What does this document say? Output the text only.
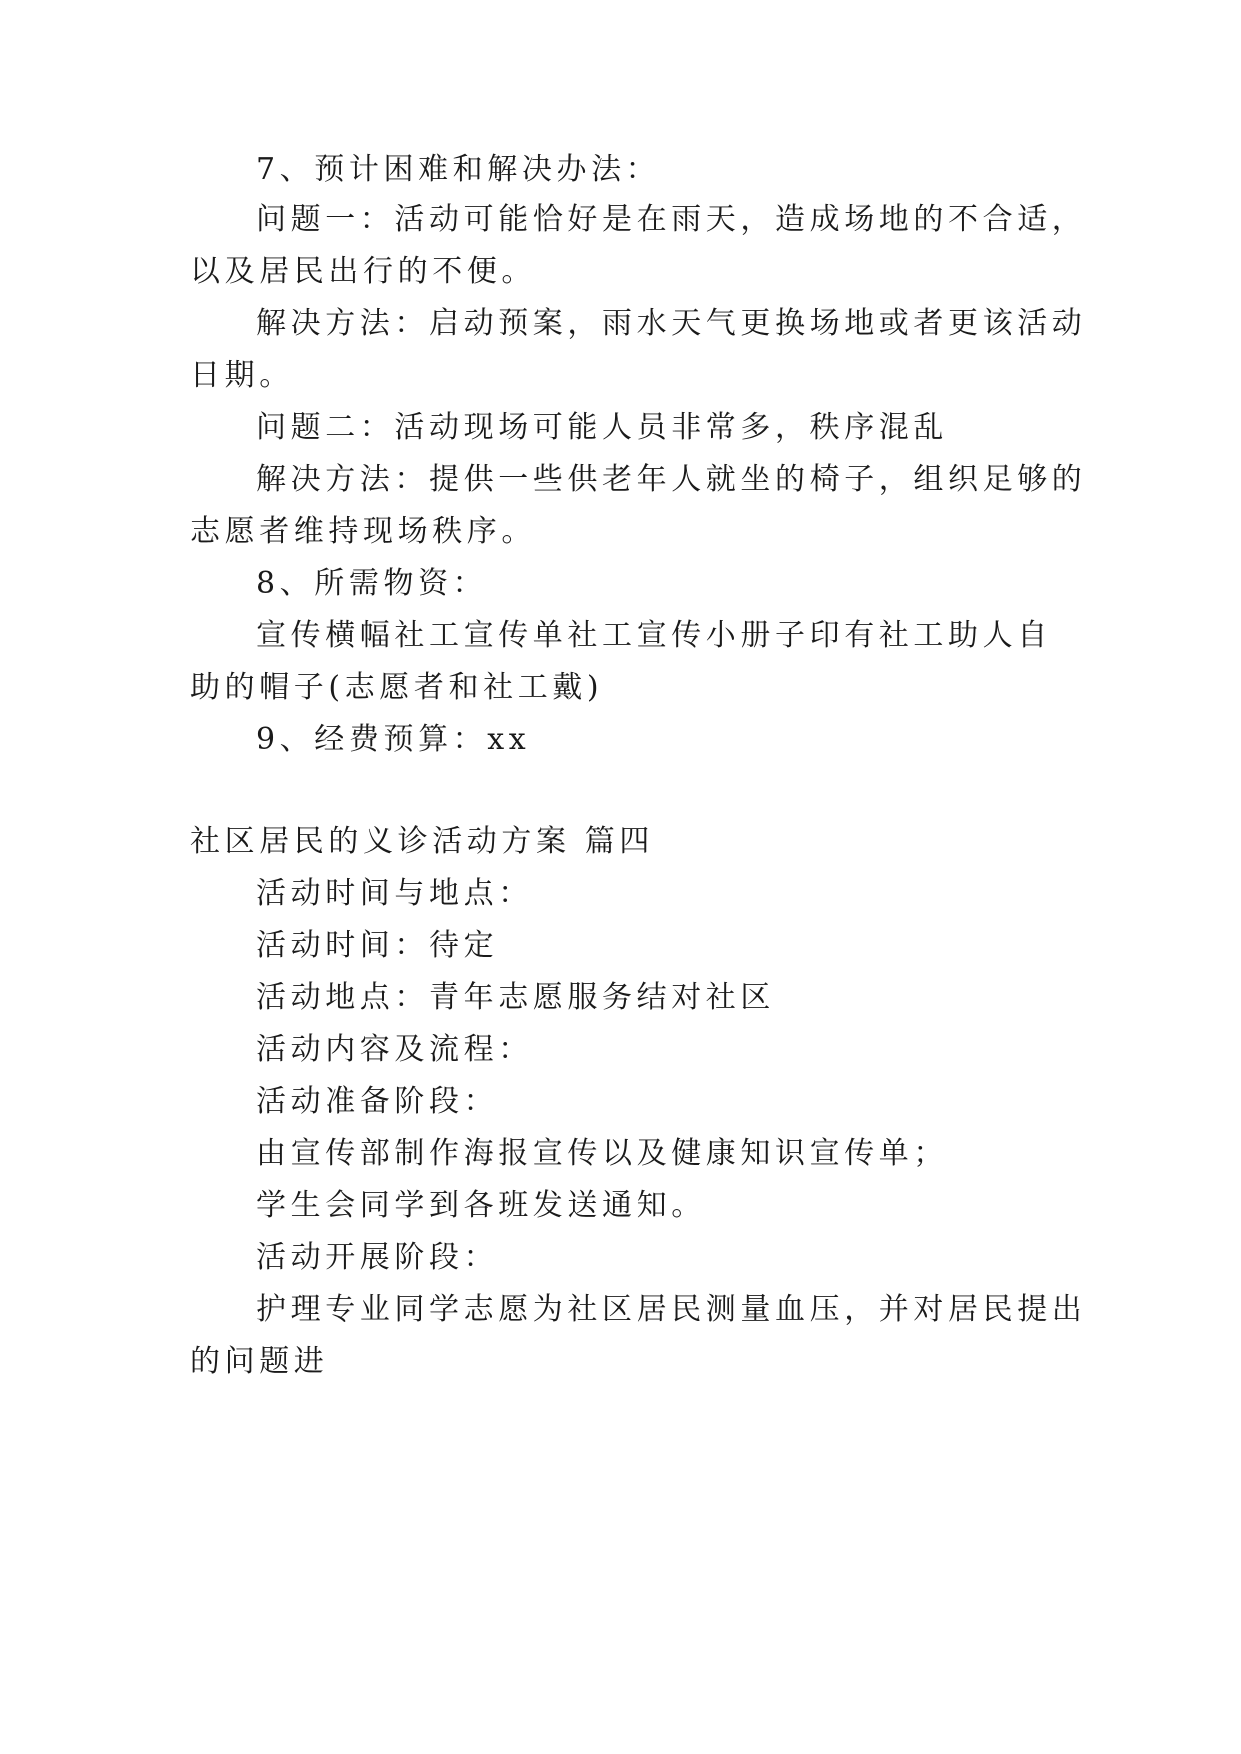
7、预计困难和解决办法：
问题一：活动可能恰好是在雨天，造成场地的不合适，
以及居民出行的不便。
解决方法：启动预案，雨水天气更换场地或者更该活动
日期。
问题二：活动现场可能人员非常多，秩序混乱
解决方法：提供一些供老年人就坐的椅子，组织足够的
志愿者维持现场秩序。
8、所需物资：
宣传横幅社工宣传单社工宣传小册子印有社工助人自
助的帽子(志愿者和社工戴)
9、经费预算：xx
社区居民的义诊活动方案 篇四
活动时间与地点：
活动时间：待定
活动地点：青年志愿服务结对社区
活动内容及流程：
活动准备阶段：
由宣传部制作海报宣传以及健康知识宣传单；
学生会同学到各班发送通知。
活动开展阶段：
护理专业同学志愿为社区居民测量血压，并对居民提出
的问题进
